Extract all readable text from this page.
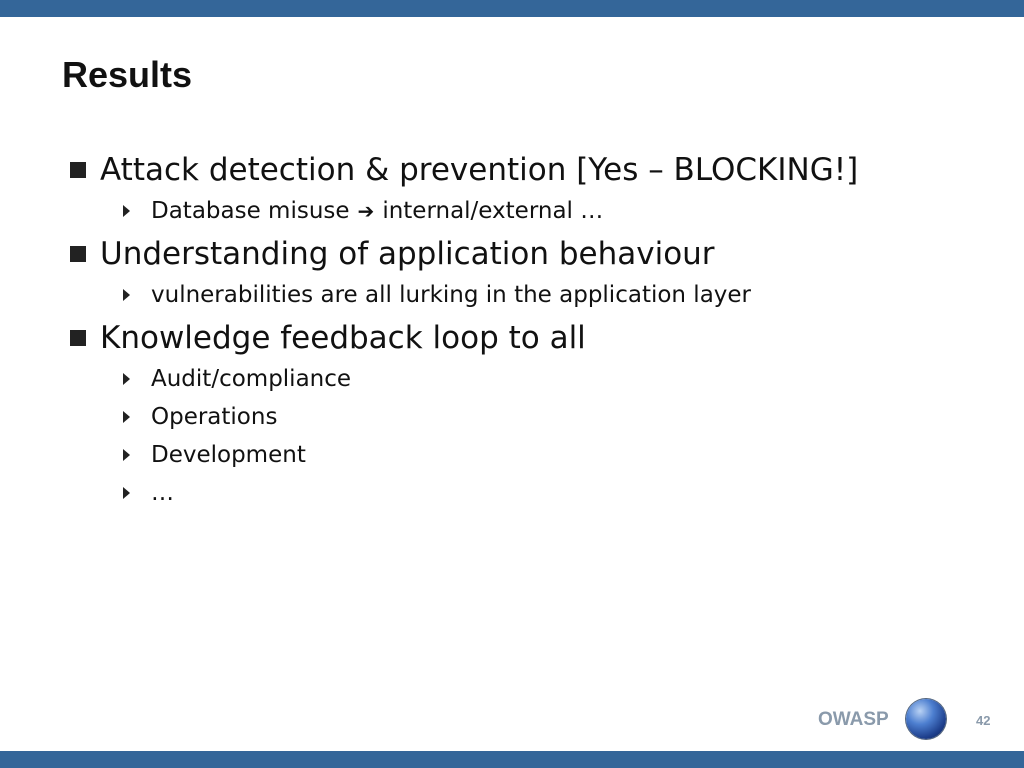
Results
Attack detection & prevention [Yes – BLOCKING!]
Database misuse ➔ internal/external …
Understanding of application behaviour
vulnerabilities are all lurking in the application layer
Knowledge feedback loop to all
Audit/compliance
Operations
Development
…
OWASP	42
